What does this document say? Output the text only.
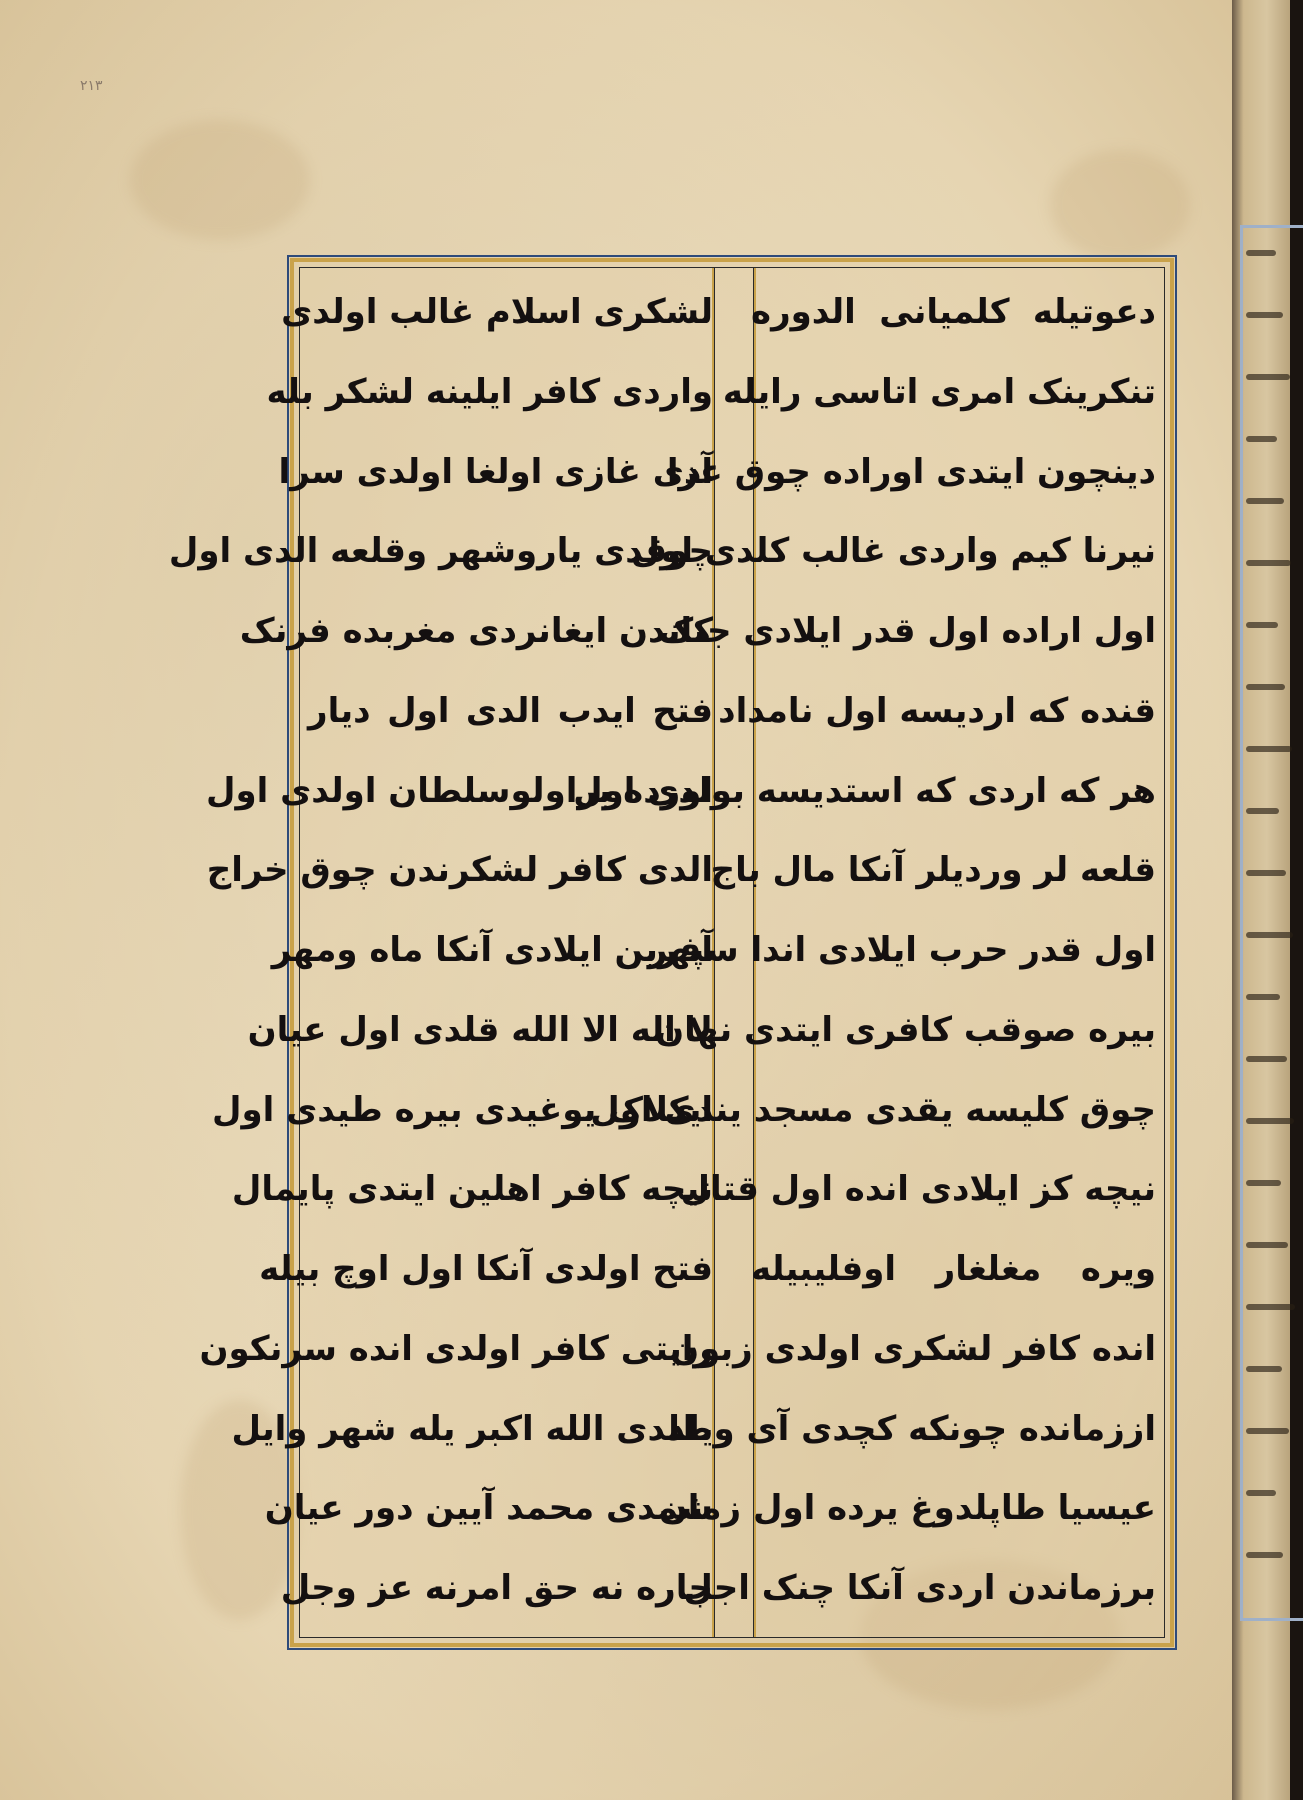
۲۱۳
دعوتیله کلمیانی الدوره
تنکرینک امری اتاسی رایله
دینچون ایتدی اوراده چوق غزا
نیرنا کیم واردی غالب کلدی اول
اول اراده اول قدر ایلادی جنک
قنده که اردیسه اول نامداد
هر که اردی که استدیسه بولدی اول
قلعه لر وردیلر آنکا مال باج
اول قدر حرب ایلادی اندا سپهر
بیره صوقب کافری ایتدی نهان
چوق کلیسه یقدی مسجد یندی اول
نیچه کز ایلادی انده اول قتال
ویره مغلغار اوفلیبیله
انده کافر لشکری اولدی زبون
اززمانده چونکه کچدی آی ویلد
عیسیا طاپلدوغ یرده اول زمان
برزماندن اردی آنکا چنک اجل
لشکری اسلام غالب اولدی
واردی کافر ایلینه لشکر بله
آدی غازی اولغا اولدی سرا
چوقدی یاروشهر وقلعه الدی اول
کاندن ایغانردی مغربده فرنک
فتح ایدب الدی اول دیار
اورده براولوسلطان اولدی اول
الدی کافر لشکرندن چوق خراج
آفرین ایلادی آنکا ماه ومهر
لا اله الا الله قلدی اول عیان
ایکلاک یوغیدی بیره طیدی اول
نیچه کافر اهلین ایتدی پایمال
فتح اولدی آنکا اول اوچ بیله
رایتی کافر اولدی انده سرنکون
طلدی الله اکبر یله شهر وایل
شمدی محمد آیین دور عیان
چاره نه حق امرنه عز وجل
